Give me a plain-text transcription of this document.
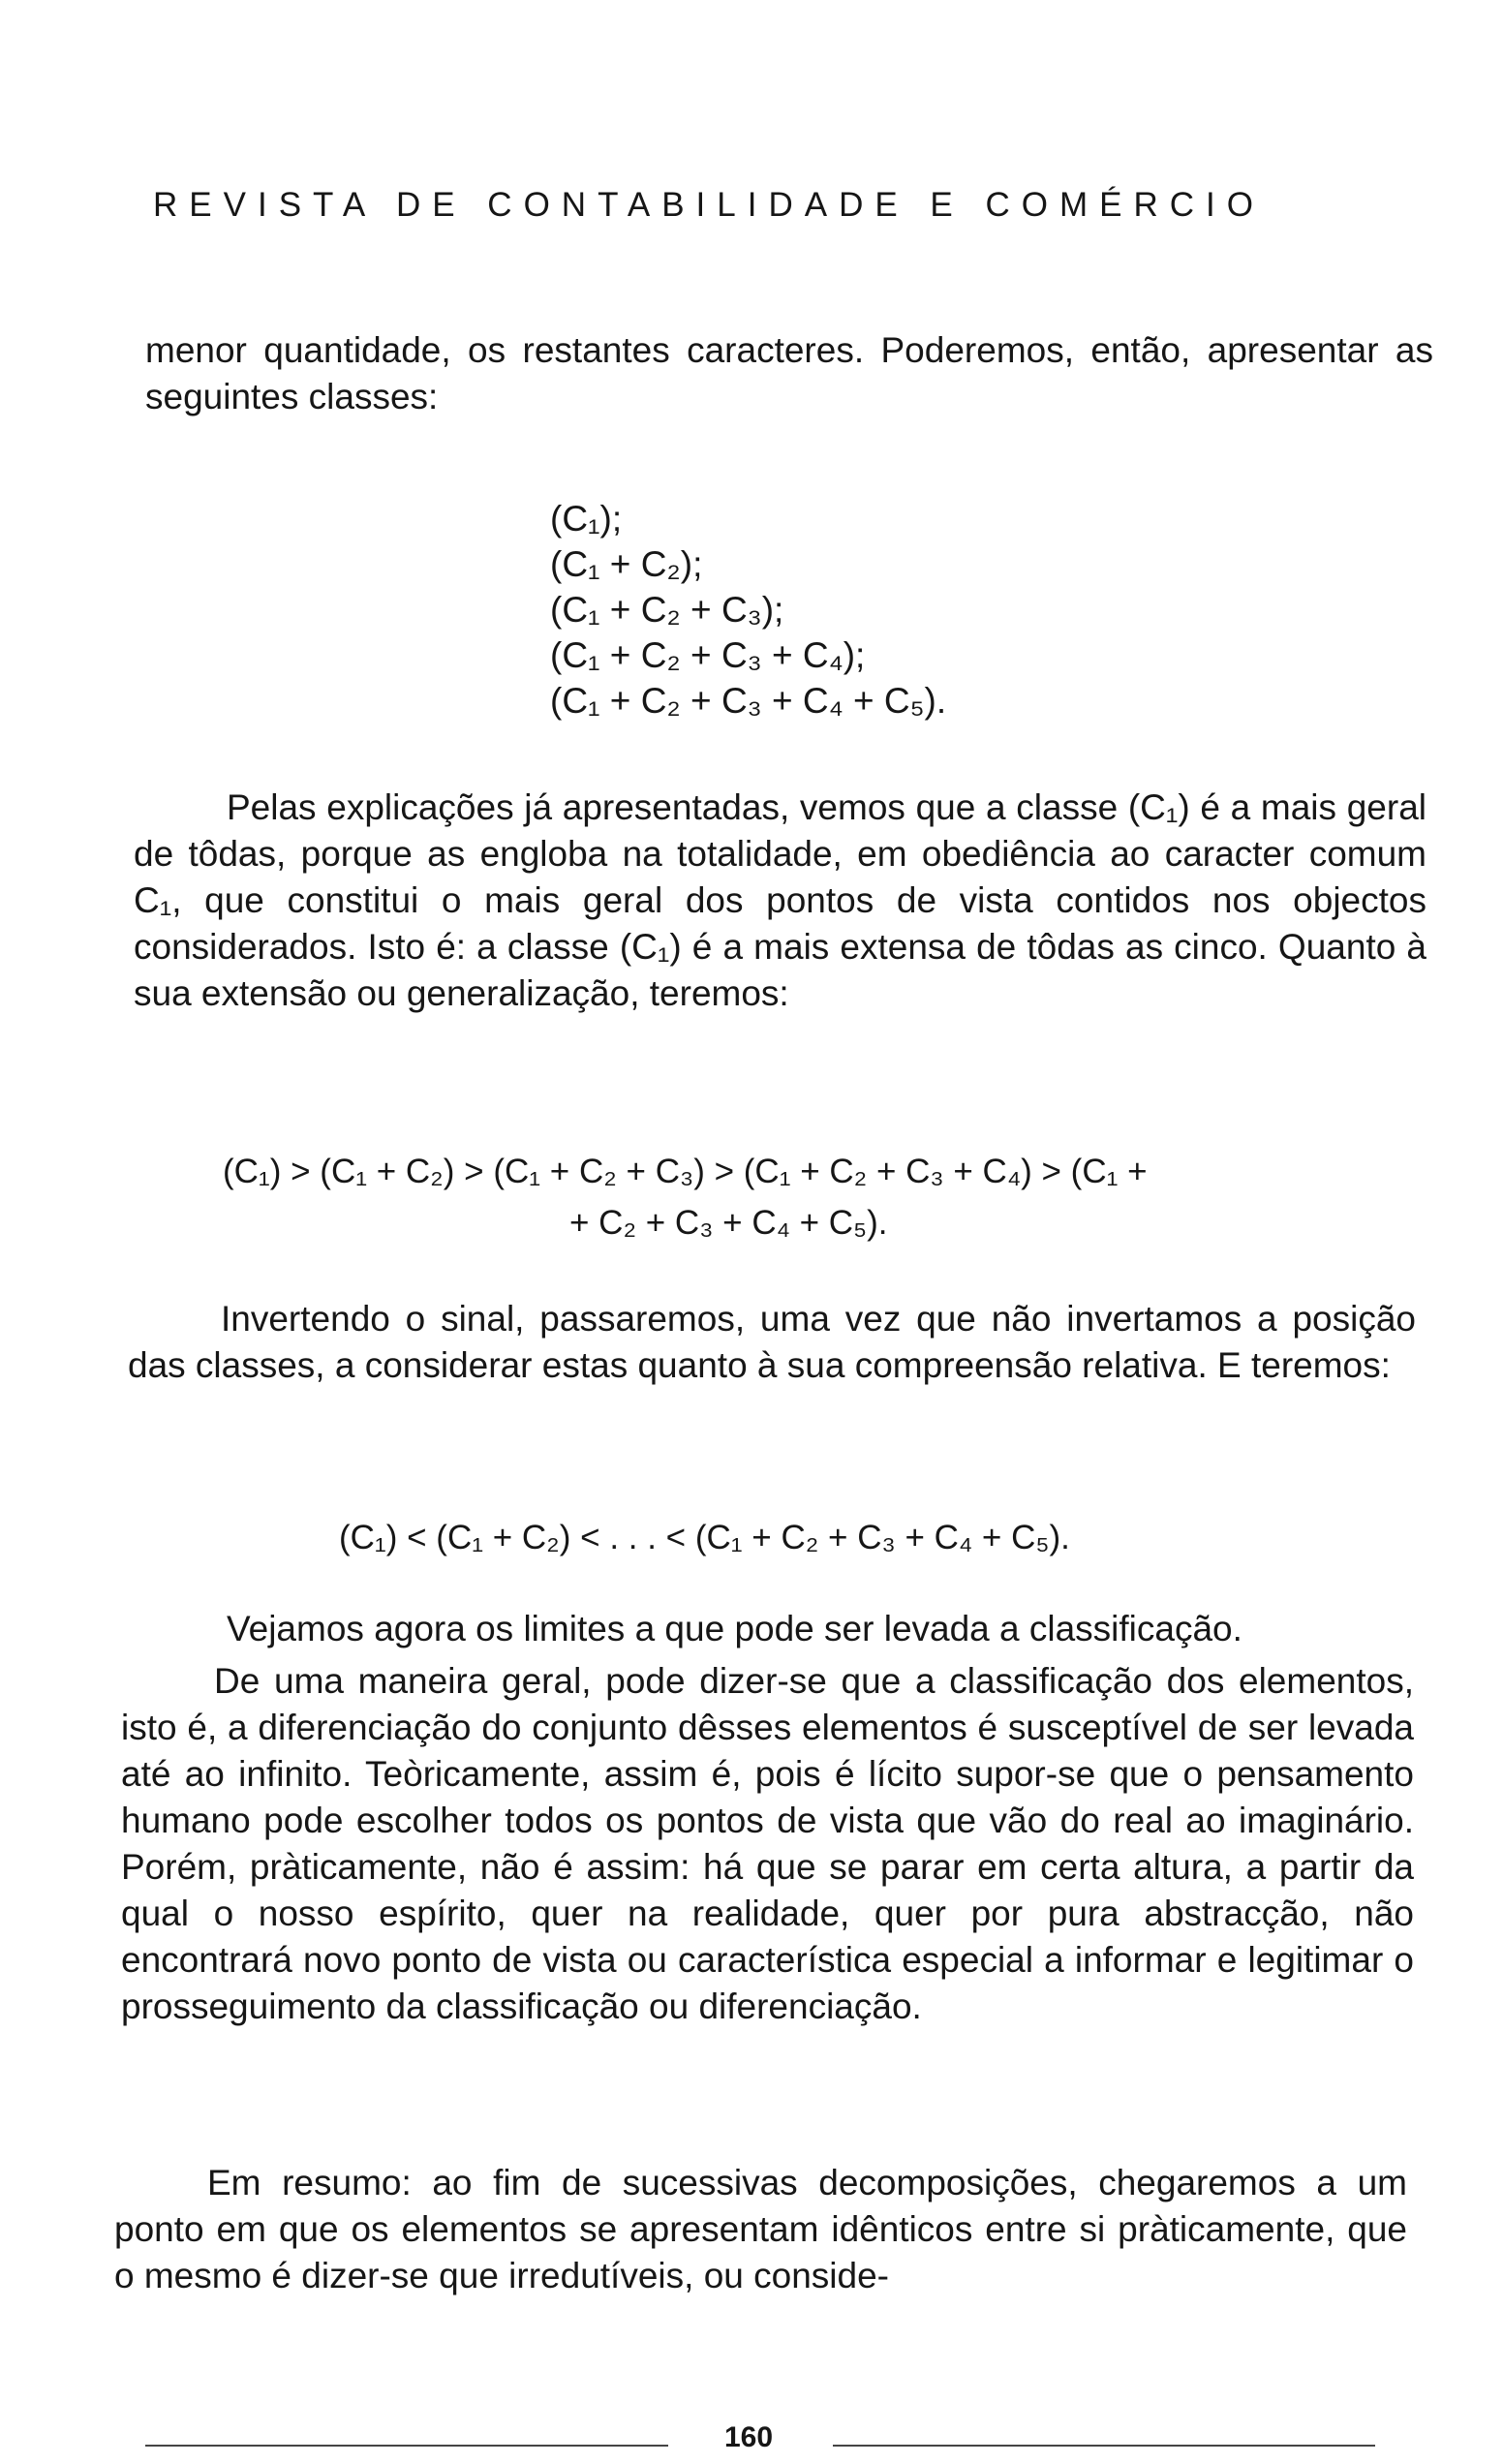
REVISTA DE CONTABILIDADE E COMÉRCIO

menor quantidade, os restantes caracteres. Poderemos, então, apresentar as seguintes classes:

(C₁);
(C₁ + C₂);
(C₁ + C₂ + C₃);
(C₁ + C₂ + C₃ + C₄);
(C₁ + C₂ + C₃ + C₄ + C₅).

Pelas explicações já apresentadas, vemos que a classe (C₁) é a mais geral de tôdas, porque as engloba na totalidade, em obediência ao caracter comum C₁, que constitui o mais geral dos pontos de vista contidos nos objectos considerados. Isto é: a classe (C₁) é a mais extensa de tôdas as cinco. Quanto à sua extensão ou generalização, teremos:

(C₁) > (C₁ + C₂) > (C₁ + C₂ + C₃) > (C₁ + C₂ + C₃ + C₄) > (C₁ +
+ C₂ + C₃ + C₄ + C₅).

Invertendo o sinal, passaremos, uma vez que não invertamos a posição das classes, a considerar estas quanto à sua compreensão relativa. E teremos:

(C₁) < (C₁ + C₂) < . . . < (C₁ + C₂ + C₃ + C₄ + C₅).

Vejamos agora os limites a que pode ser levada a classificação.

De uma maneira geral, pode dizer-se que a classificação dos elementos, isto é, a diferenciação do conjunto dêsses elementos é susceptível de ser levada até ao infinito. Teòricamente, assim é, pois é lícito supor-se que o pensamento humano pode escolher todos os pontos de vista que vão do real ao imaginário. Porém, pràticamente, não é assim: há que se parar em certa altura, a partir da qual o nosso espírito, quer na realidade, quer por pura abstracção, não encontrará novo ponto de vista ou característica especial a informar e legitimar o prosseguimento da classificação ou diferenciação.

Em resumo: ao fim de sucessivas decomposições, chegaremos a um ponto em que os elementos se apresentam idênticos entre si pràticamente, que o mesmo é dizer-se que irredutíveis, ou conside-

160
